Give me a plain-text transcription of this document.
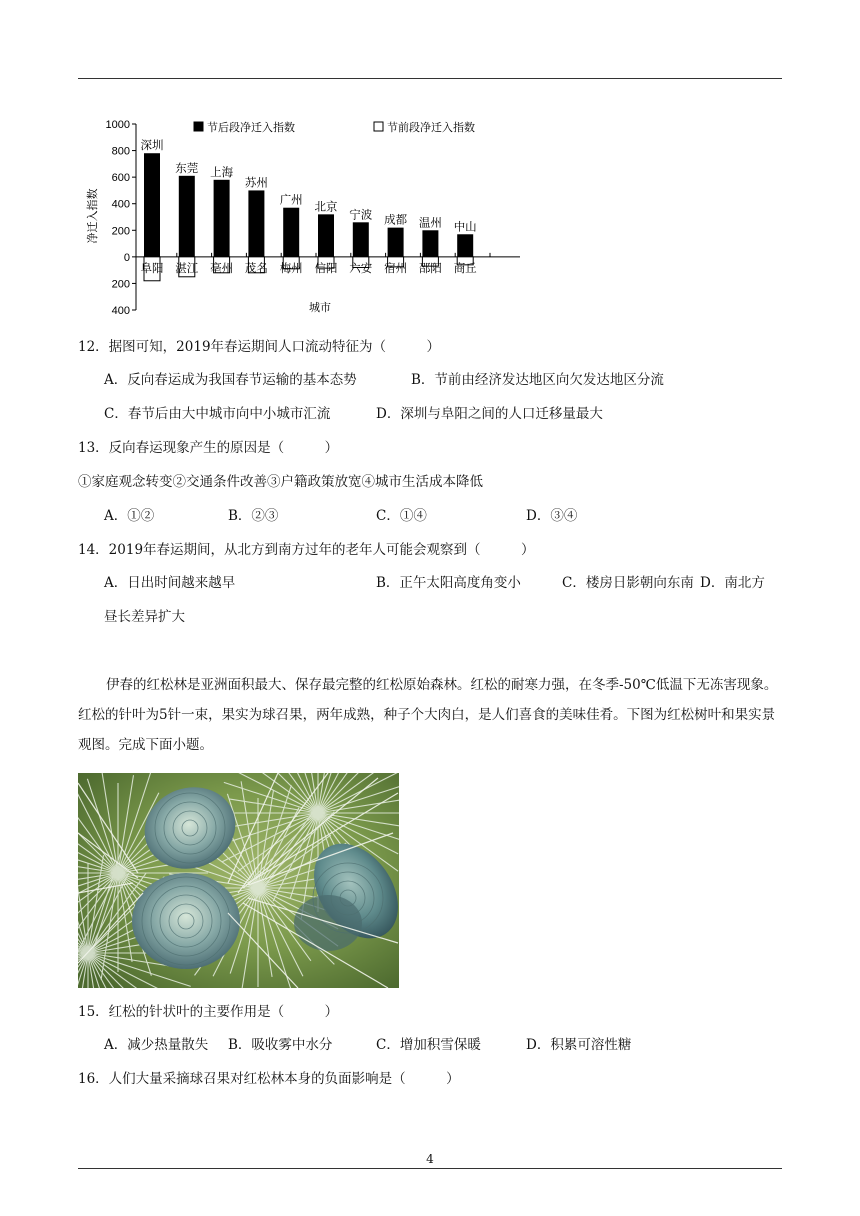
1000
800
600
400
200
0
200
400
深圳
阜阳
东莞
湛江
上海
亳州
苏州
茂名
广州
梅州
北京
信阳
宁波
六安
成都
宿州
温州
邵阳
中山
商丘
节后段净迁入指数	节前段净迁入指数
净迁入指数
城市
12．据图可知，2019年春运期间人口流动特征为（　　　）
A．反向春运成为我国春节运输的基本态势	B．节前由经济发达地区向欠发达地区分流
C．春节后由大中城市向中小城市汇流	D．深圳与阜阳之间的人口迁移量最大
13．反向春运现象产生的原因是（　　　）
①家庭观念转变②交通条件改善③户籍政策放宽④城市生活成本降低
A．①②	B．②③	C．①④	D．③④
14．2019年春运期间，从北方到南方过年的老年人可能会观察到（　　　）
A．日出时间越来越早	B．正午太阳高度角变小	C．楼房日影朝向东南 D．南北方
昼长差异扩大
伊春的红松林是亚洲面积最大、保存最完整的红松原始森林。红松的耐寒力强，在冬季-50℃低温下无冻害现象。红松的针叶为5针一束，果实为球召果，两年成熟，种子个大肉白，是人们喜食的美味佳肴。下图为红松树叶和果实景观图。完成下面小题。
15．红松的针状叶的主要作用是（　　　）
A．减少热量散失 B．吸收雾中水分	C．增加积雪保暖	D．积累可溶性糖
16．人们大量采摘球召果对红松林本身的负面影响是（　　　）
4
